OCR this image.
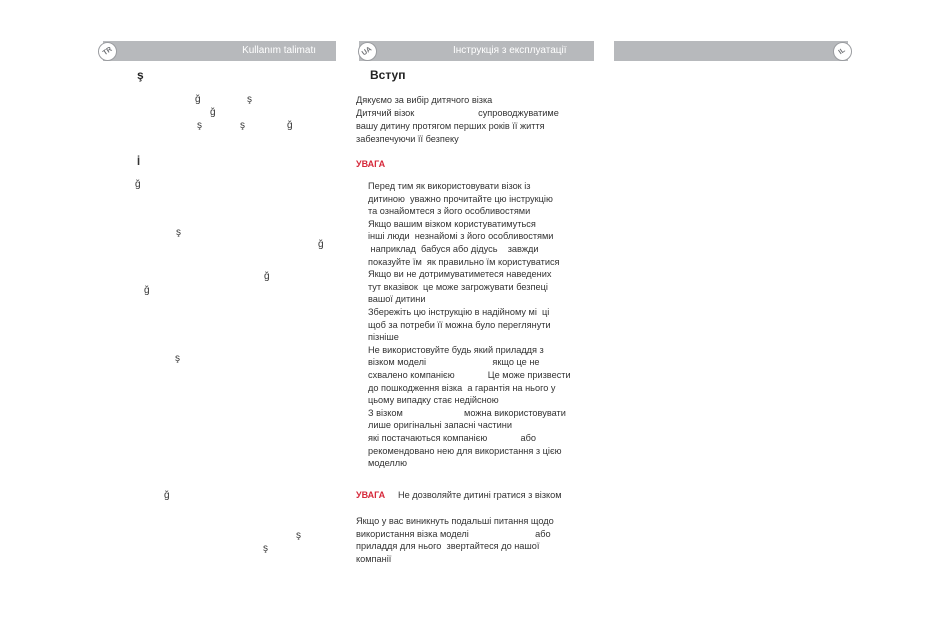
Kullanım talimatı
TR
ş
İ
ğ	ş
ğ
ş	ş	ğ
ğ
ş
ğ
ğ
ğ
ş
ğ
ş
ş
Інструкція з експлуатації
UA
Вступ
Дякуємо за вибір дитячого візка
Дитячий візок                         супроводжуватиме
вашу дитину протягом перших років її життя
забезпечуючи її безпеку
УВАГА
Перед тим як використовувати візок із
дитиною  уважно прочитайте цю інструкцію
та ознайомтеся з його особливостями
Якщо вашим візком користуватимуться
інші люди  незнайомі з його особливостями
наприклад  бабуся або дідусь    завжди
показуйте їм  як правильно їм користуватися
Якщо ви не дотримуватиметеся наведених
тут вказівок  це може загрожувати безпеці
вашої дитини
Збережіть цю інструкцію в надійному мі  ці
щоб за потреби її можна було переглянути
пізніше
Не використовуйте будь який приладдя з
візком моделі                          якщо це не
схвалено компанією             Це може призвести
до пошкодження візка  а гарантія на нього у
цьому випадку стає недійсною
З візком                        можна використовувати
лише оригінальні запасні частини
які постачаються компанією             або
рекомендовано нею для використання з цією
моделлю
УВАГА Не дозволяйте дитині гратися з візком
Якщо у вас виникнуть подальші питання щодо
використання візка моделі                          або
приладдя для нього  звертайтеся до нашої
компанії
IL
